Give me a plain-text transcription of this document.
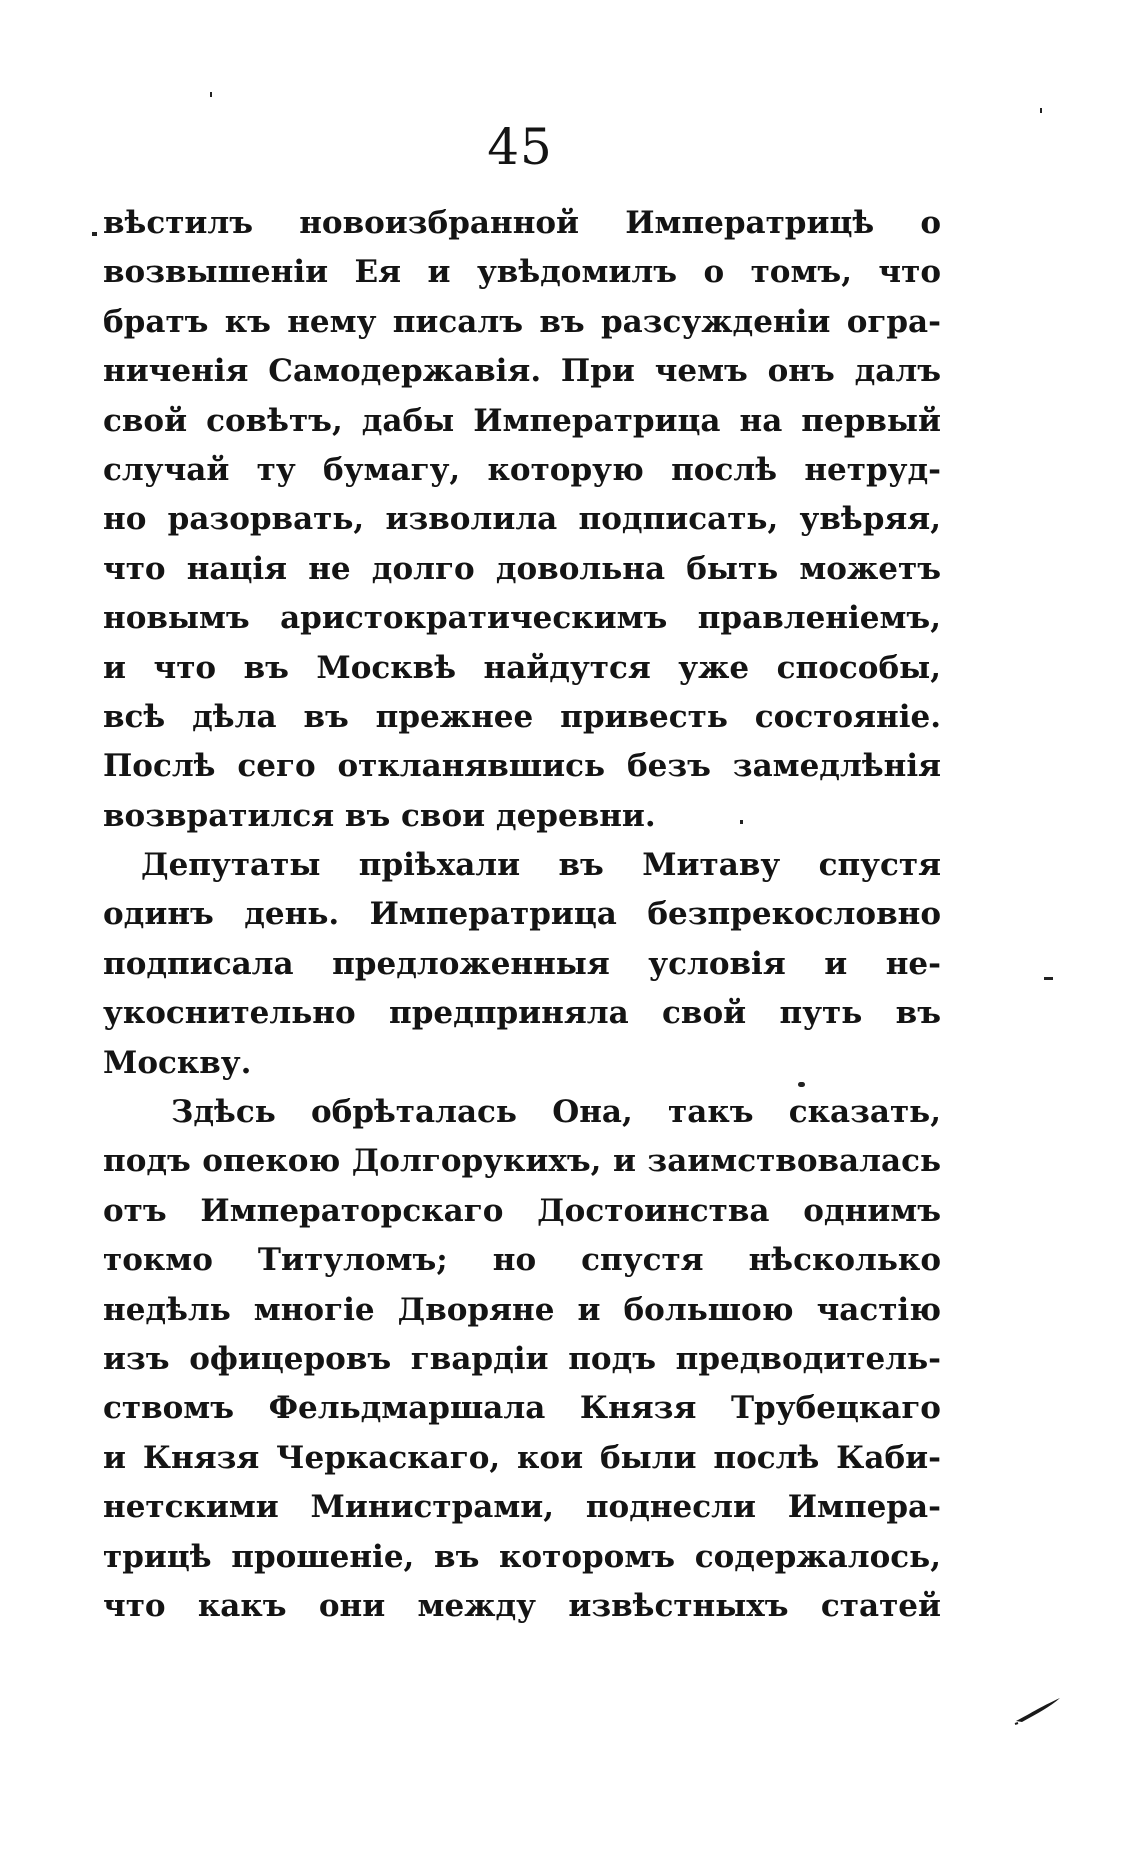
45
вѣстилъ новоизбранной Императрицѣ о
возвышеніи Ея и увѣдомилъ о томъ, что
братъ къ нему писалъ въ разсужденіи огра-
ниченія Самодержавія. При чемъ онъ далъ
свой совѣтъ, дабы Императрица на первый
случай ту бумагу, которую послѣ нетруд-
но разорвать, изволила подписать, увѣряя,
что нація не долго довольна быть можетъ
новымъ аристократическимъ правленіемъ,
и что въ Москвѣ найдутся уже способы,
всѣ дѣла въ прежнее привесть состояніе.
Послѣ сего откланявшись безъ замедлѣнія
возвратился въ свои деревни.
Депутаты пріѣхали въ Митаву спустя
одинъ день. Императрица безпрекословно
подписала предложенныя условія и не-
укоснительно предприняла свой путь въ
Москву.
Здѣсь обрѣталась Она, такъ сказать,
подъ опекою Долгорукихъ, и заимствовалась
отъ Императорскаго Достоинства однимъ
токмо Титуломъ; но спустя нѣсколько
недѣль многіе Дворяне и большою частію
изъ офицеровъ гвардіи подъ предводитель-
ствомъ Фельдмаршала Князя Трубецкаго
и Князя Черкаскаго, кои были послѣ Каби-
нетскими Министрами, поднесли Импера-
трицѣ прошеніе, въ которомъ содержалось,
что какъ они между извѣстныхъ статей
